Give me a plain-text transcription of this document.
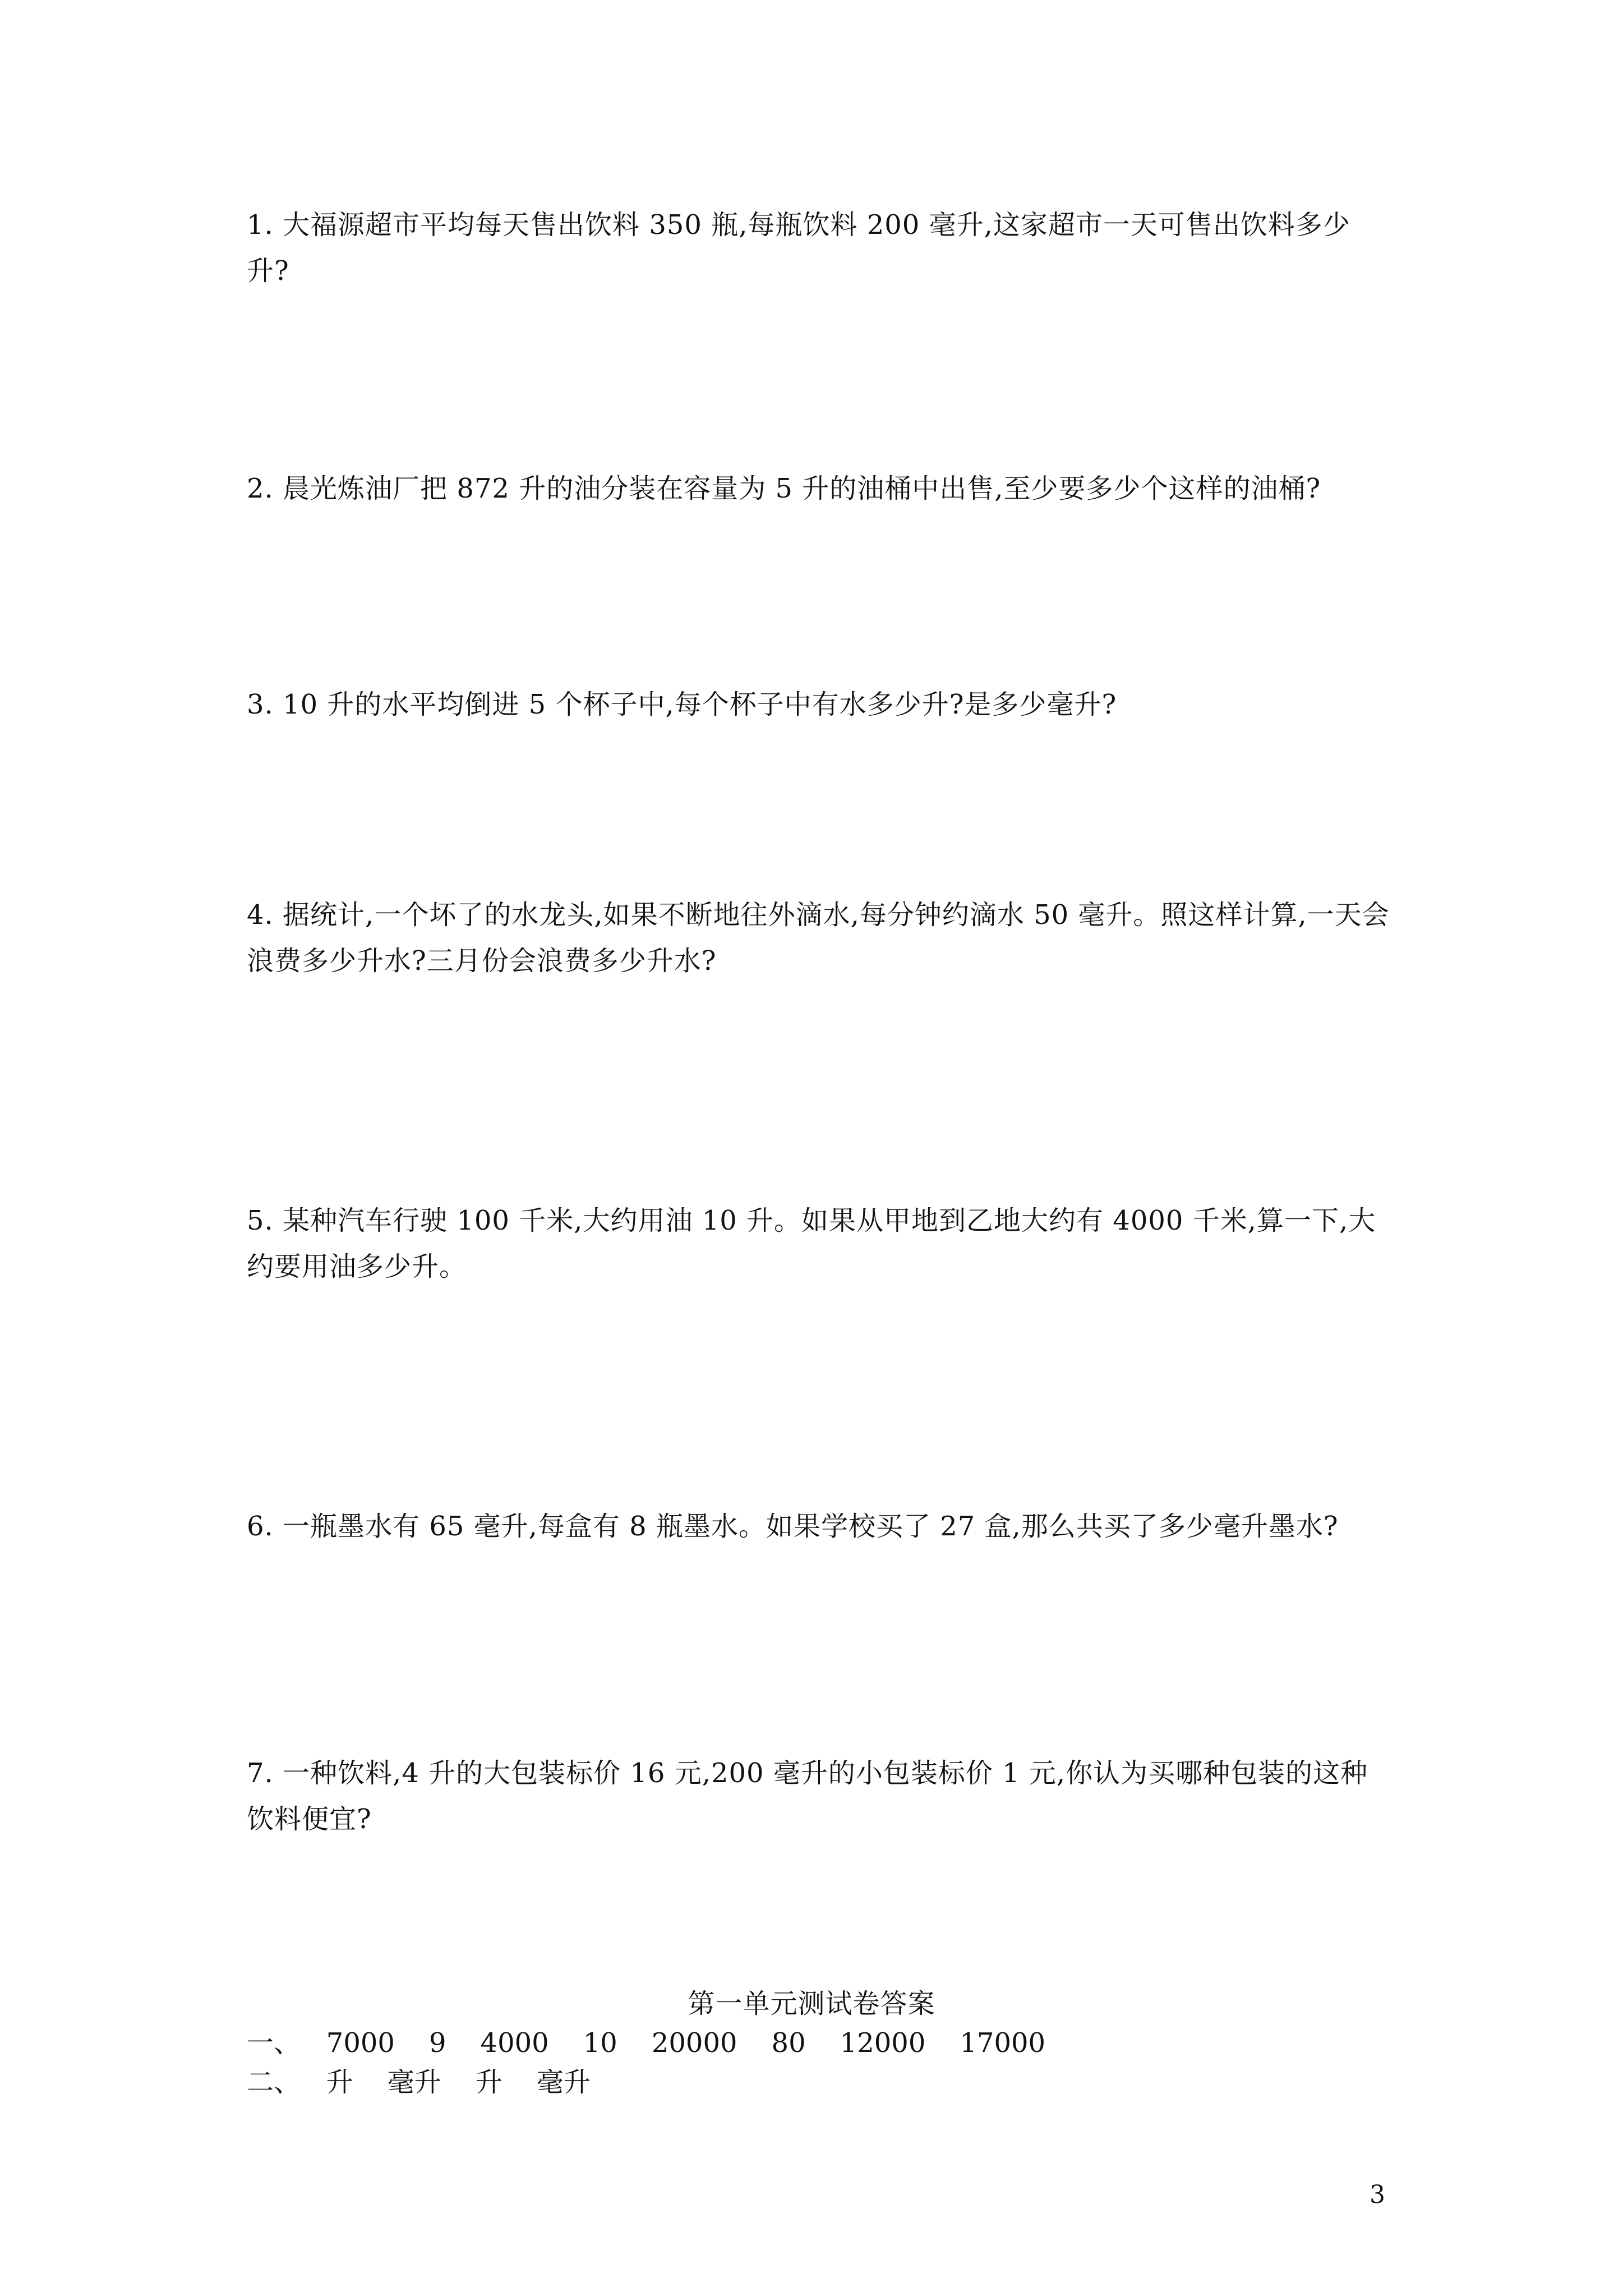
1. 大福源超市平均每天售出饮料 350 瓶,每瓶饮料 200 毫升,这家超市一天可售出饮料多少升?

2. 晨光炼油厂把 872 升的油分装在容量为 5 升的油桶中出售,至少要多少个这样的油桶?

3. 10 升的水平均倒进 5 个杯子中,每个杯子中有水多少升?是多少毫升?

4. 据统计,一个坏了的水龙头,如果不断地往外滴水,每分钟约滴水 50 毫升。照这样计算,一天会浪费多少升水?三月份会浪费多少升水?

5. 某种汽车行驶 100 千米,大约用油 10 升。如果从甲地到乙地大约有 4000 千米,算一下,大约要用油多少升。

6. 一瓶墨水有 65 毫升,每盒有 8 瓶墨水。如果学校买了 27 盒,那么共买了多少毫升墨水?

7. 一种饮料,4 升的大包装标价 16 元,200 毫升的小包装标价 1 元,你认为买哪种包装的这种饮料便宜?

第一单元测试卷答案
一、   7000    9    4000    10    20000    80    12000    17000
二、   升    毫升    升    毫升
3
